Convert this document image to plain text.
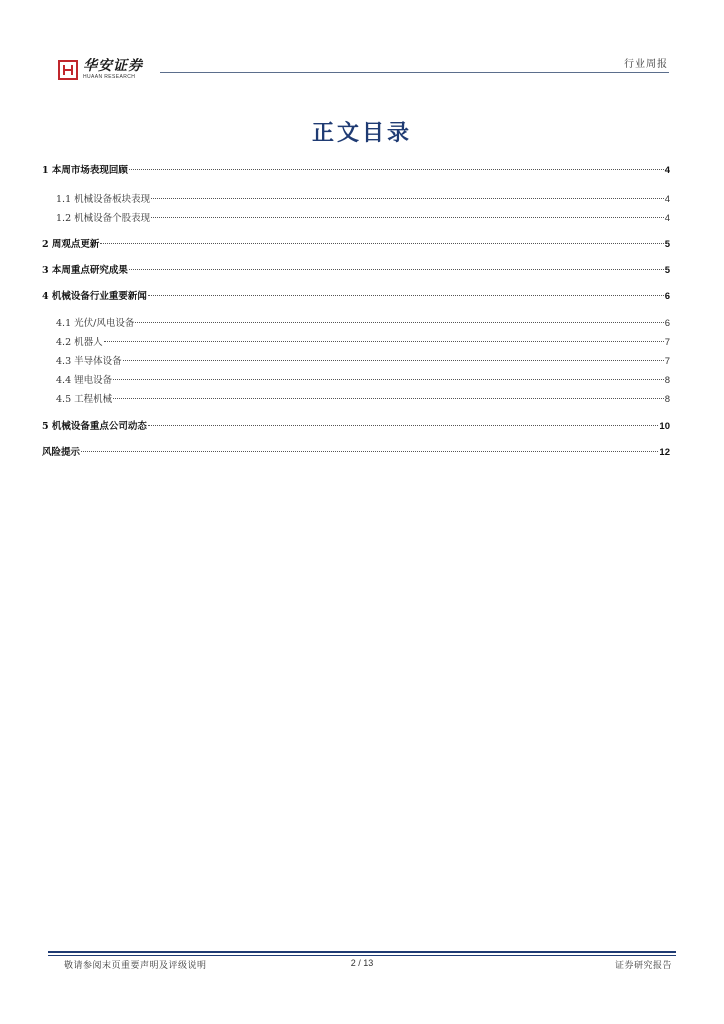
华安证券
HUAAN RESEARCH
行业周报
正文目录
1 本周市场表现回顾	4
1.1 机械设备板块表现	4
1.2 机械设备个股表现	4
2 周观点更新	5
3 本周重点研究成果	5
4 机械设备行业重要新闻	6
4.1 光伏/风电设备	6
4.2 机器人	7
4.3 半导体设备	7
4.4 锂电设备	8
4.5 工程机械	8
5 机械设备重点公司动态	10
风险提示	12
敬请参阅末页重要声明及评级说明	2 / 13	证券研究报告
